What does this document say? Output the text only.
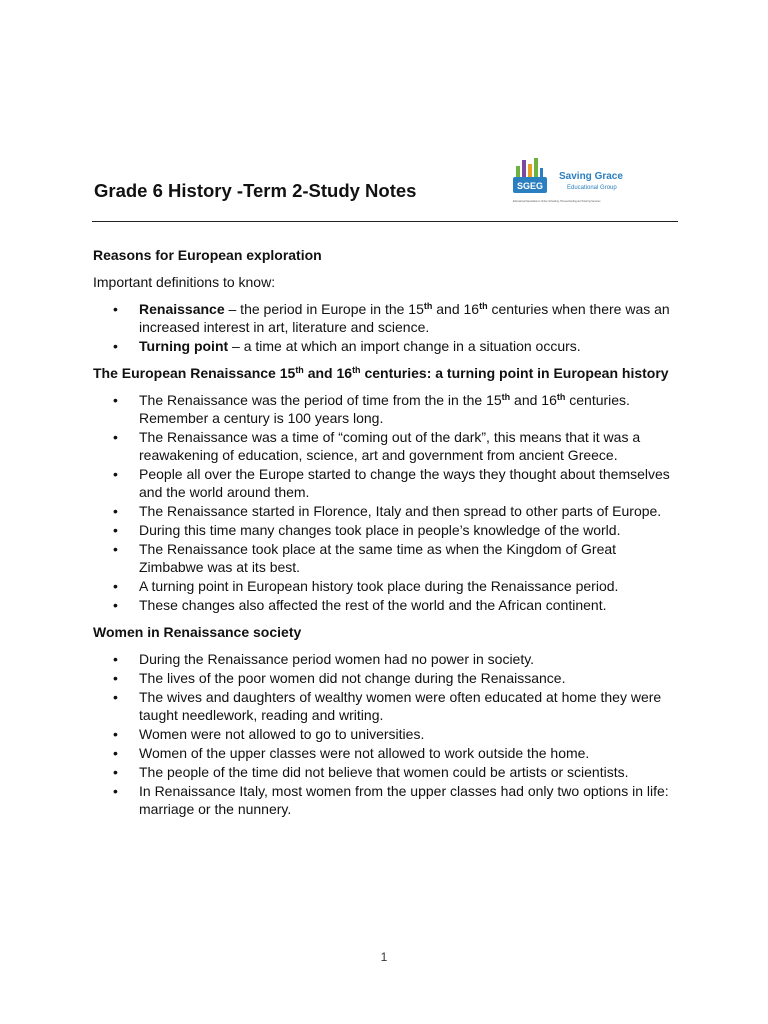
Grade 6 History -Term 2-Study Notes	SGEG
Saving Grace
Educational Group
Educational Specialists in Online Schooling, Homeschooling and Tutoring Services

Reasons for European exploration

Important definitions to know:

• Renaissance – the period in Europe in the 15th and 16th centuries when there was an increased interest in art, literature and science.
• Turning point – a time at which an import change in a situation occurs.

The European Renaissance 15th and 16th centuries: a turning point in European history

• The Renaissance was the period of time from the in the 15th and 16th centuries. Remember a century is 100 years long.
• The Renaissance was a time of “coming out of the dark”, this means that it was a reawakening of education, science, art and government from ancient Greece.
• People all over the Europe started to change the ways they thought about themselves and the world around them.
• The Renaissance started in Florence, Italy and then spread to other parts of Europe.
• During this time many changes took place in people’s knowledge of the world.
• The Renaissance took place at the same time as when the Kingdom of Great Zimbabwe was at its best.
• A turning point in European history took place during the Renaissance period.
• These changes also affected the rest of the world and the African continent.

Women in Renaissance society

• During the Renaissance period women had no power in society.
• The lives of the poor women did not change during the Renaissance.
• The wives and daughters of wealthy women were often educated at home they were taught needlework, reading and writing.
• Women were not allowed to go to universities.
• Women of the upper classes were not allowed to work outside the home.
• The people of the time did not believe that women could be artists or scientists.
• In Renaissance Italy, most women from the upper classes had only two options in life: marriage or the nunnery.
1
